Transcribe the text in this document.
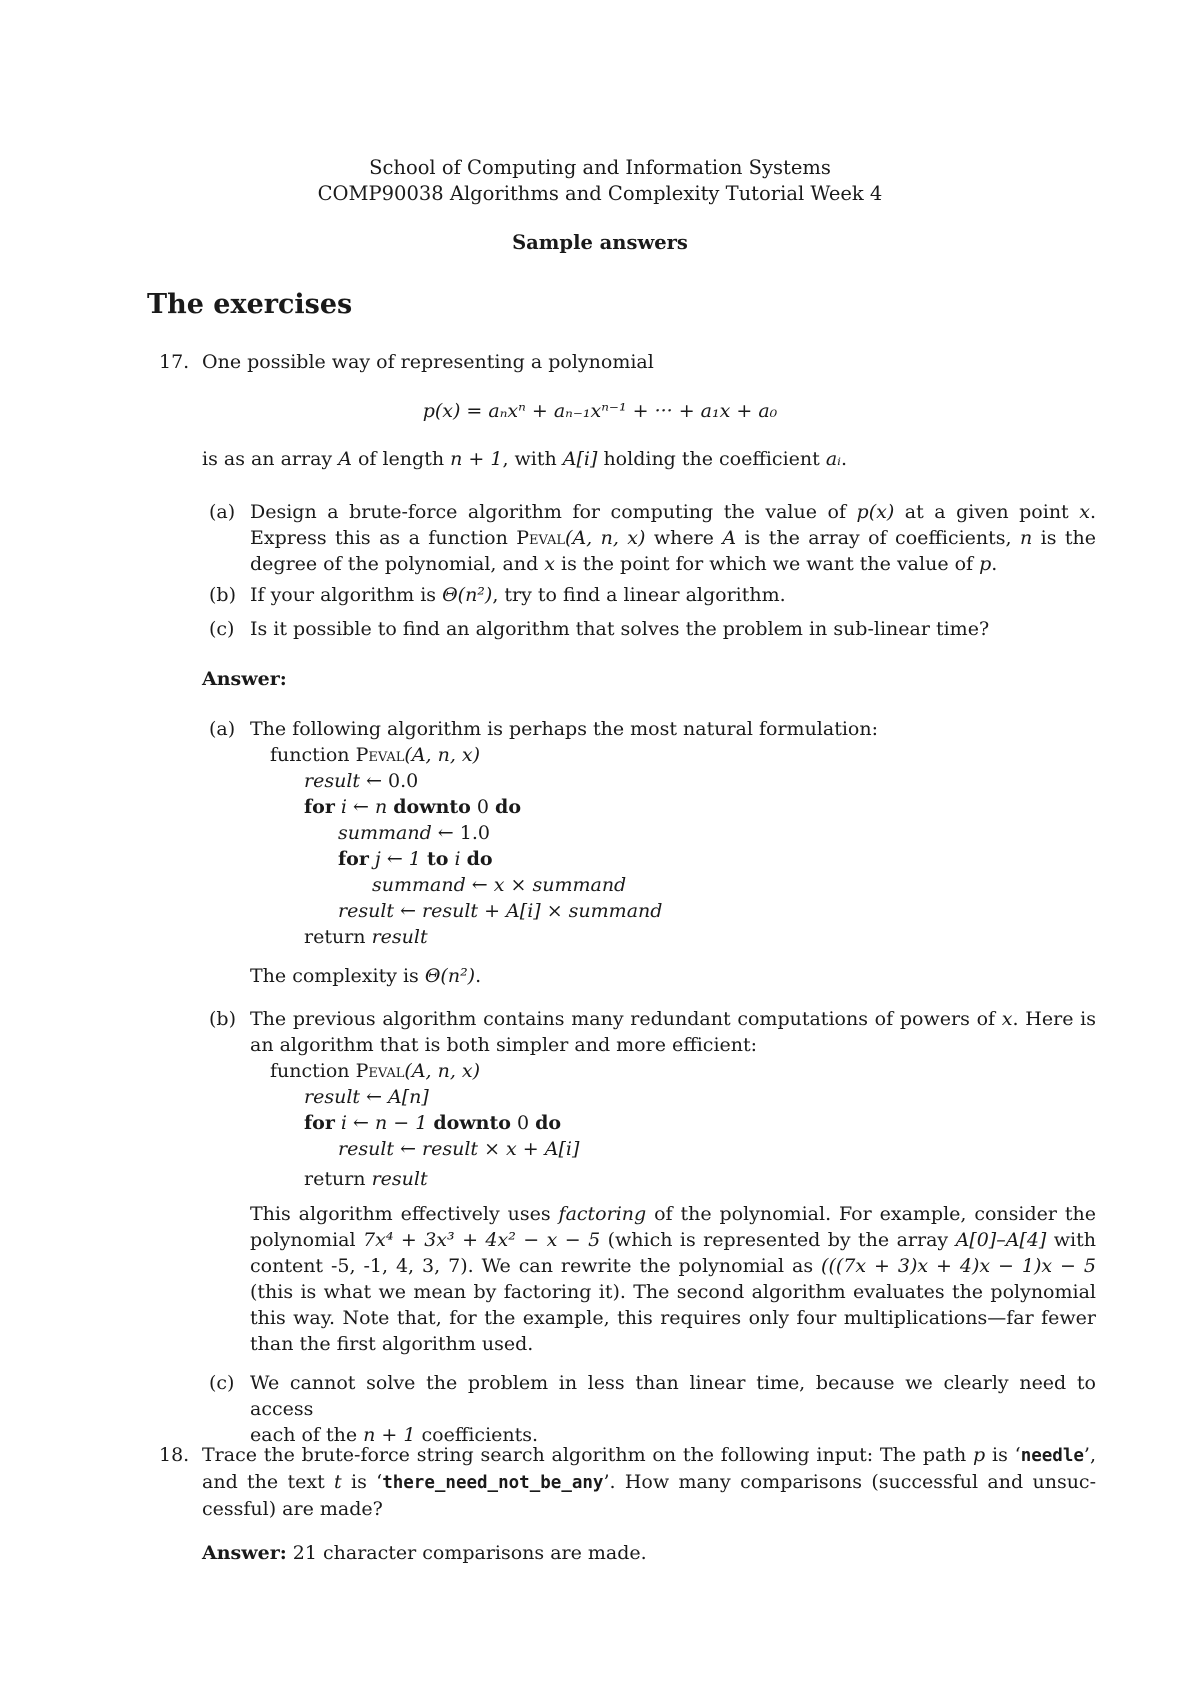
School of Computing and Information Systems
COMP90038 Algorithms and Complexity Tutorial Week 4
Sample answers
The exercises
17. One possible way of representing a polynomial
p(x) = aₙxⁿ + aₙ₋₁xⁿ⁻¹ + ··· + a₁x + a₀
is as an array A of length n + 1, with A[i] holding the coefficient aᵢ.
(a) Design a brute-force algorithm for computing the value of p(x) at a given point x.
Express this as a function Peval(A, n, x) where A is the array of coefficients, n is the
degree of the polynomial, and x is the point for which we want the value of p.
(b) If your algorithm is Θ(n²), try to find a linear algorithm.
(c) Is it possible to find an algorithm that solves the problem in sub-linear time?
Answer:
(a) The following algorithm is perhaps the most natural formulation:
function Peval(A, n, x)
result ← 0.0
for i ← n downto 0 do
summand ← 1.0
for j ← 1 to i do
summand ← x × summand
result ← result + A[i] × summand
return result
The complexity is Θ(n²).
(b) The previous algorithm contains many redundant computations of powers of x. Here is
an algorithm that is both simpler and more efficient:
function Peval(A, n, x)
result ← A[n]
for i ← n − 1 downto 0 do
result ← result × x + A[i]
return result
This algorithm effectively uses factoring of the polynomial. For example, consider the
polynomial 7x⁴ + 3x³ + 4x² − x − 5 (which is represented by the array A[0]–A[4] with
content -5, -1, 4, 3, 7). We can rewrite the polynomial as (((7x + 3)x + 4)x − 1)x − 5
(this is what we mean by factoring it). The second algorithm evaluates the polynomial
this way. Note that, for the example, this requires only four multiplications—far fewer
than the first algorithm used.
(c) We cannot solve the problem in less than linear time, because we clearly need to access
each of the n + 1 coefficients.
18. Trace the brute-force string search algorithm on the following input: The path p is ‘needle’,
and the text t is ‘there_need_not_be_any’. How many comparisons (successful and unsuc-
cessful) are made?
Answer: 21 character comparisons are made.
